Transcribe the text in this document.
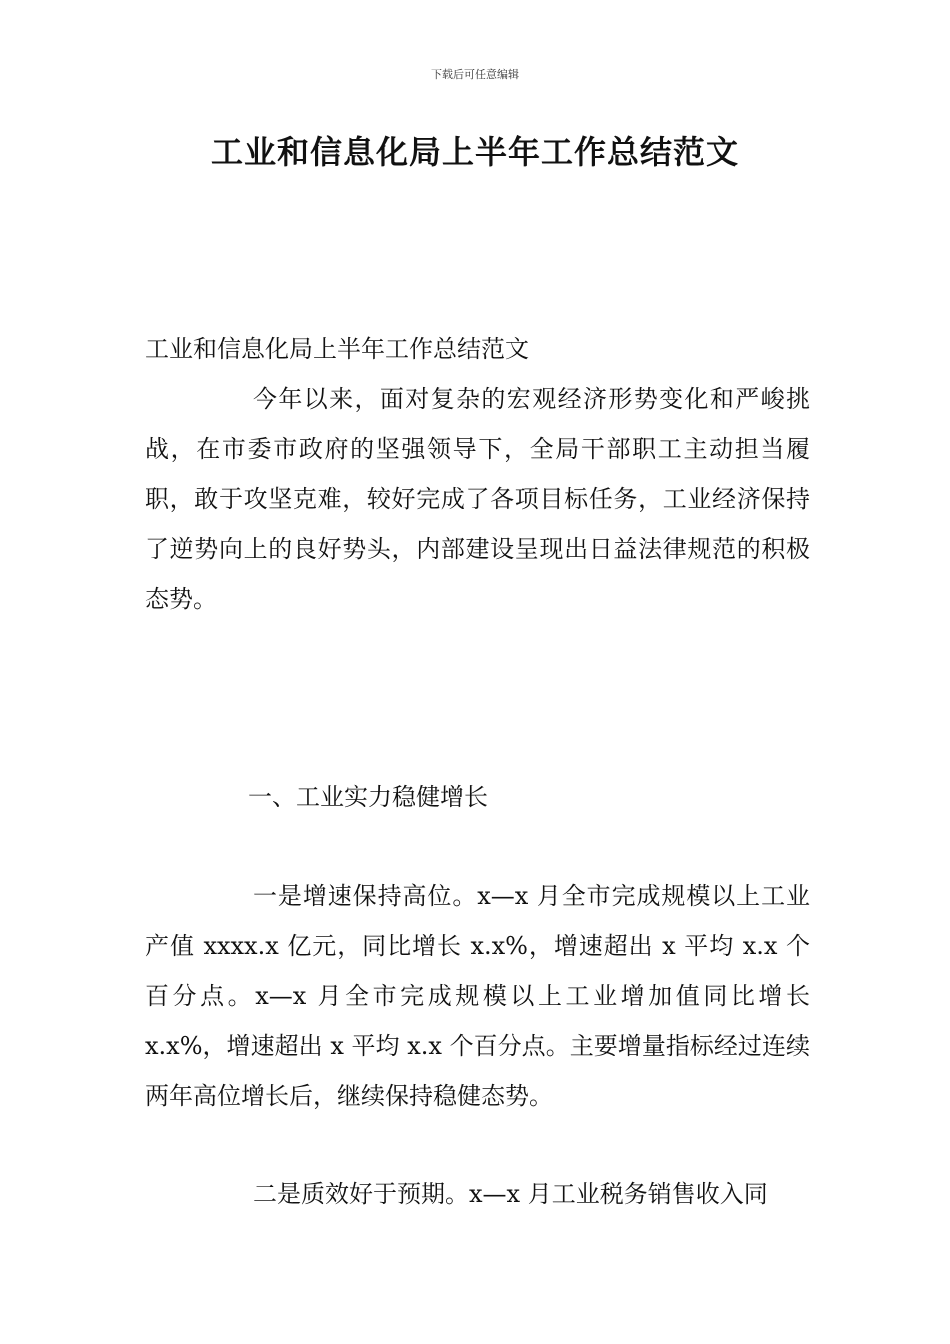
下载后可任意编辑
工业和信息化局上半年工作总结范文

工业和信息化局上半年工作总结范文

今年以来，面对复杂的宏观经济形势变化和严峻挑战，在市委市政府的坚强领导下，全局干部职工主动担当履职，敢于攻坚克难，较好完成了各项目标任务，工业经济保持了逆势向上的良好势头，内部建设呈现出日益法律规范的积极态势。

一、工业实力稳健增长

一是增速保持高位。x—x 月全市完成规模以上工业产值 xxxx.x 亿元，同比增长 x.x%，增速超出 x 平均 x.x 个百分点。x—x 月全市完成规模以上工业增加值同比增长 x.x%，增速超出 x 平均 x.x 个百分点。主要增量指标经过连续两年高位增长后，继续保持稳健态势。

二是质效好于预期。x—x 月工业税务销售收入同
